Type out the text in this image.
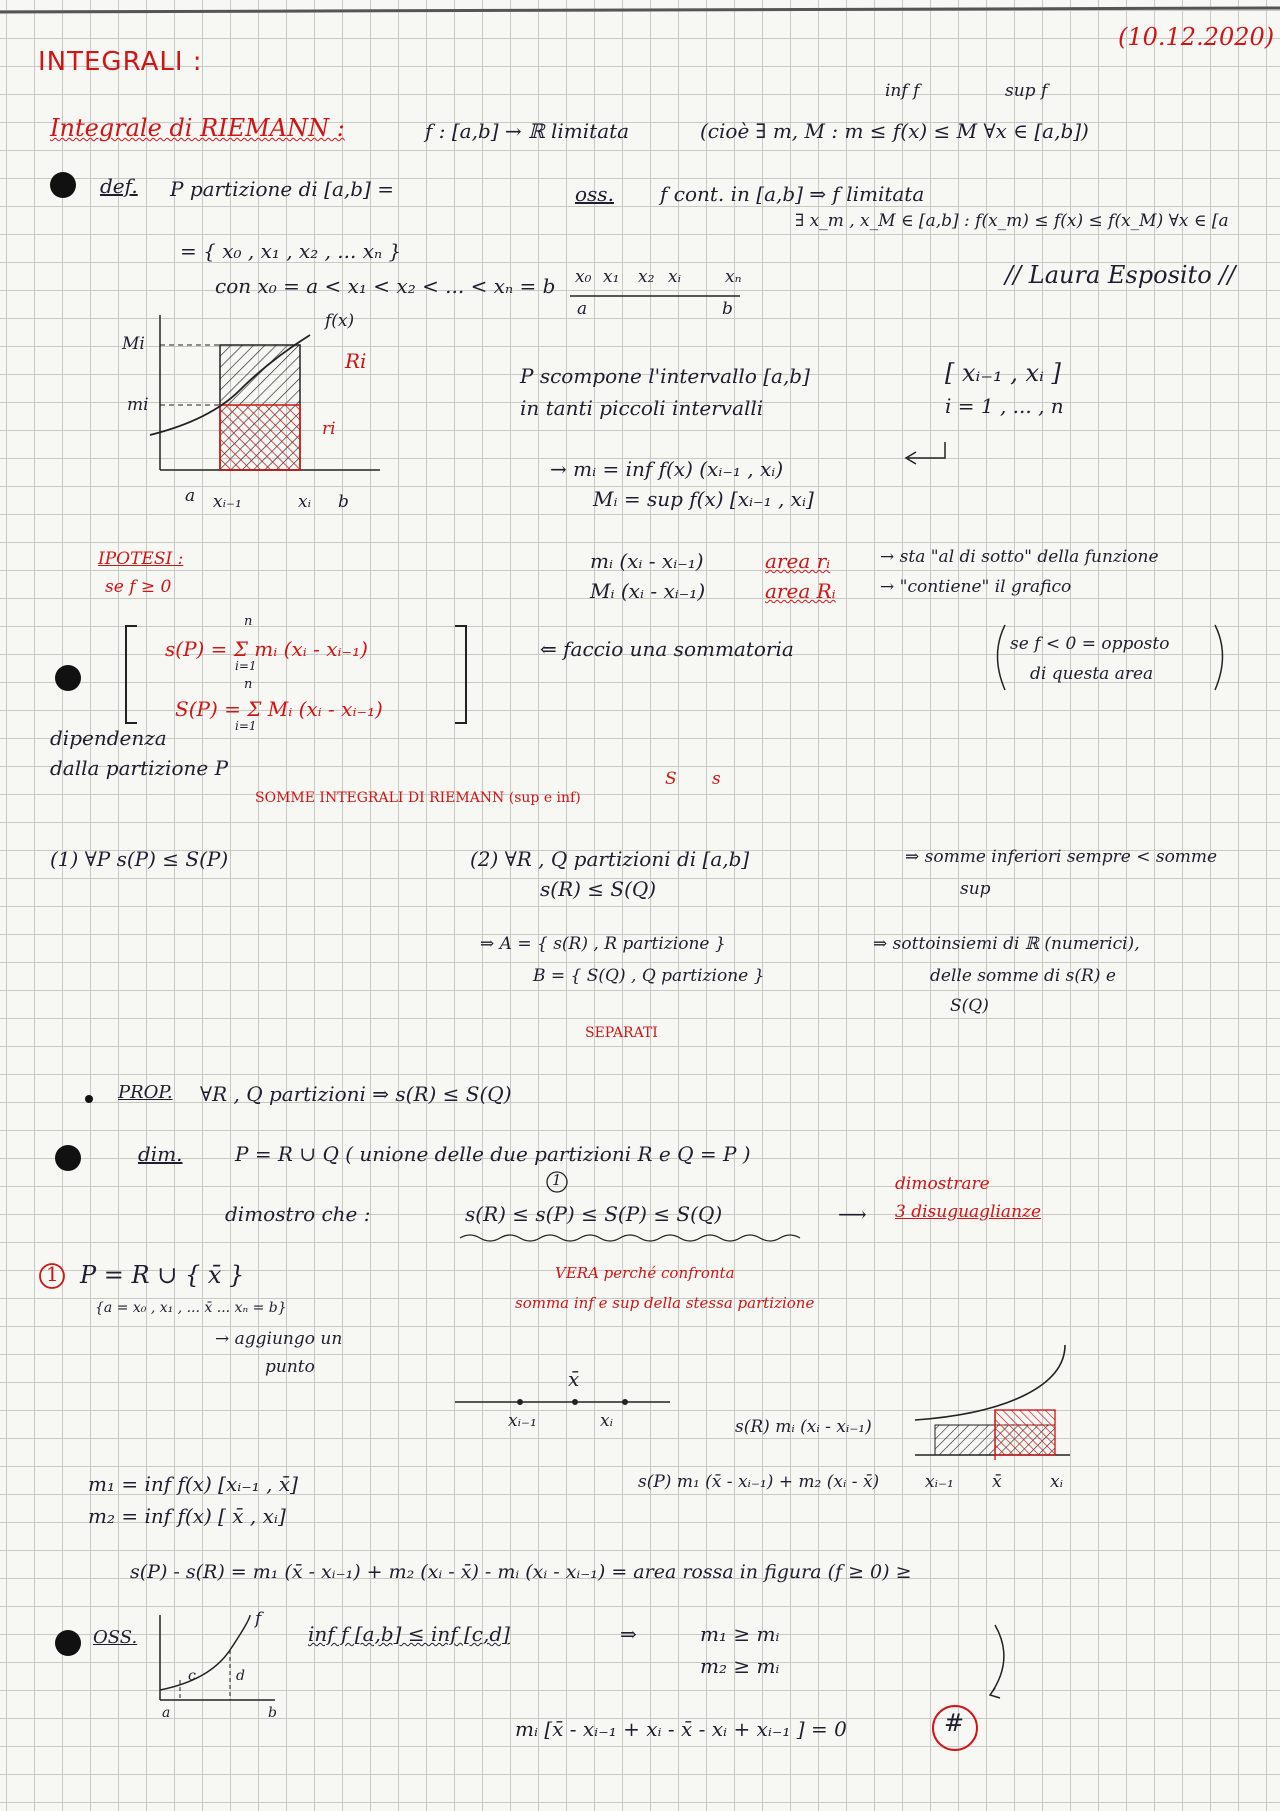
INTEGRALI :
(10.12.2020)
Integrale di RIEMANN :	f : [a,b] → ℝ limitata	(cioè ∃ m, M : m ≤ f(x) ≤ M ∀x ∈ [a,b])
inf f	sup f
def. P partizione di [a,b] =
= { x₀ , x₁ , x₂ , ... xₙ }
con x₀ = a < x₁ < x₂ < ... < xₙ = b
oss. f cont. in [a,b] ⇒ f limitata
∃ x_m , x_M ∈ [a,b] : f(x_m) ≤ f(x) ≤ f(x_M) ∀x ∈ [a
x₀ x₁ x₂ xᵢ	xₙ
a	b
// Laura Esposito //
f(x)
Mi
mi
Ri
ri
a xᵢ₋₁	xᵢ b
P scompone l'intervallo [a,b]
in tanti piccoli intervalli
[ xᵢ₋₁ , xᵢ ]
i = 1 , ... , n
→ mᵢ = inf f(x) (xᵢ₋₁ , xᵢ)
Mᵢ = sup f(x) [xᵢ₋₁ , xᵢ]
IPOTESI :
se f ≥ 0
mᵢ (xᵢ - xᵢ₋₁)	area rᵢ	→ sta "al di sotto" della funzione
Mᵢ (xᵢ - xᵢ₋₁)	area Rᵢ	→ "contiene" il grafico
n
s(P) = Σ mᵢ (xᵢ - xᵢ₋₁)
i=1
n
S(P) = Σ Mᵢ (xᵢ - xᵢ₋₁)
i=1
⇐ faccio una sommatoria	se f < 0 = opposto
di questa area
dipendenza
dalla partizione P	S s
SOMME INTEGRALI DI RIEMANN (sup e inf)
(1) ∀P s(P) ≤ S(P)	(2) ∀R , Q partizioni di [a,b]
s(R) ≤ S(Q)
⇒ somme inferiori sempre < somme
sup
⇒ A = { s(R) , R partizione }
B = { S(Q) , Q partizione }
⇒ sottoinsiemi di ℝ (numerici),
delle somme di s(R) e
S(Q)
SEPARATI
PROP. ∀R , Q partizioni ⇒ s(R) ≤ S(Q)
dim.	P = R ∪ Q ( unione delle due partizioni R e Q = P )
dimostro che :	s(R) ≤ s(P) ≤ S(P) ≤ S(Q)
1
⟶
dimostrare
3 disuguaglianze
VERA perché confronta
somma inf e sup della stessa partizione
1 P = R ∪ { x̄ }
{a = x₀ , x₁ , ... x̄ ... xₙ = b}
→ aggiungo un
punto	x̄
xᵢ₋₁	xᵢ	s(R) mᵢ (xᵢ - xᵢ₋₁)
s(P) m₁ (x̄ - xᵢ₋₁) + m₂ (xᵢ - x̄)	xᵢ₋₁ x̄	xᵢ
m₁ = inf f(x) [xᵢ₋₁ , x̄]
m₂ = inf f(x) [ x̄ , xᵢ]
s(P) - s(R) = m₁ (x̄ - xᵢ₋₁) + m₂ (xᵢ - x̄) - mᵢ (xᵢ - xᵢ₋₁) = area rossa in figura (f ≥ 0) ≥
OSS.
f
c	d
a	b
inf f [a,b] ≤ inf [c,d]	⇒	m₁ ≥ mᵢ
m₂ ≥ mᵢ
mᵢ [x̄ - xᵢ₋₁ + xᵢ - x̄ - xᵢ + xᵢ₋₁ ] = 0	#
